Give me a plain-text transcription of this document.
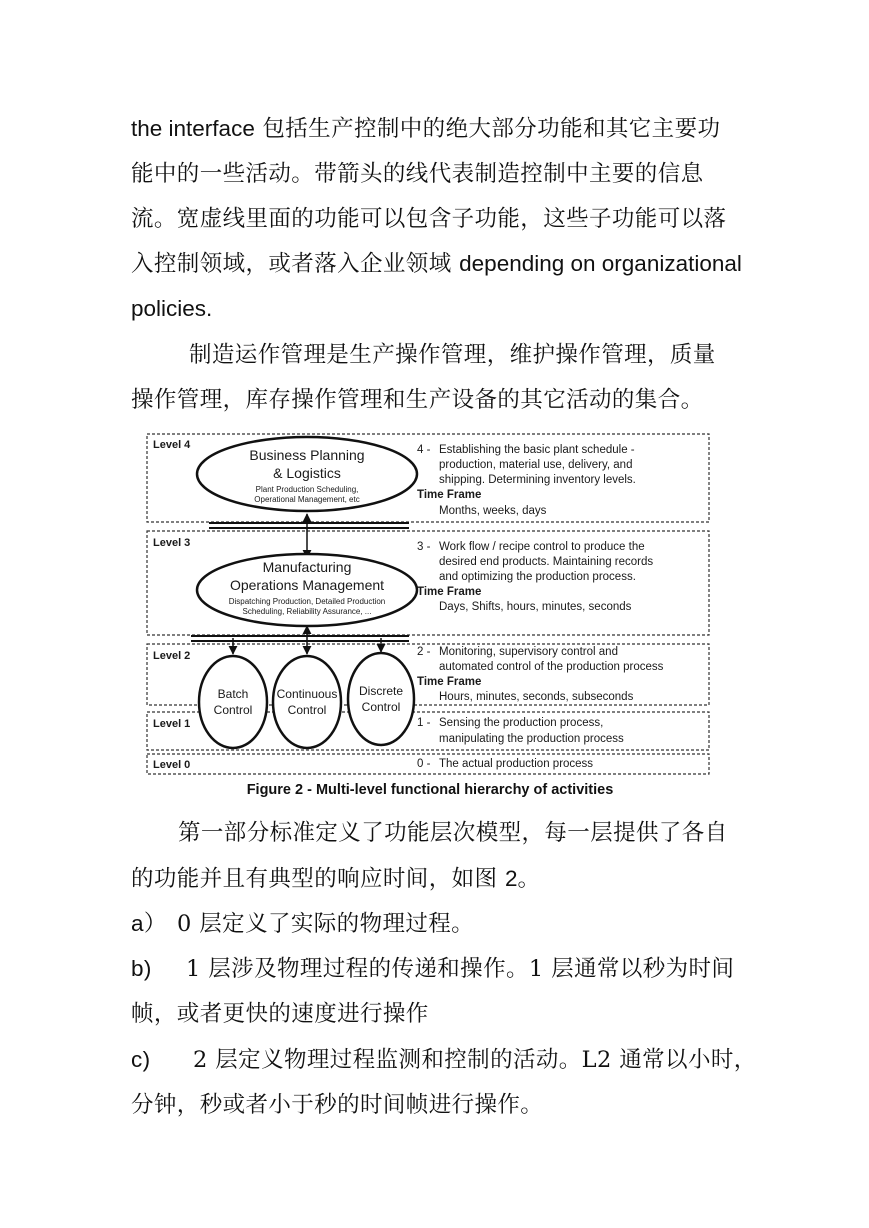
the interface 包括生产控制中的绝大部分功能和其它主要功
能中的一些活动。带箭头的线代表制造控制中主要的信息
流。宽虚线里面的功能可以包含子功能，这些子功能可以落
入控制领域，或者落入企业领域 depending on organizational
policies.
制造运作管理是生产操作管理，维护操作管理，质量
操作管理，库存操作管理和生产设备的其它活动的集合。
Level 4
Level 3
Level 2
Level 1
Level 0
Business Planning
& Logistics
Plant Production Scheduling,
Operational Management, etc
Manufacturing
Operations Management
Dispatching Production, Detailed Production
Scheduling, Reliability Assurance, ...
Batch
Control
Continuous
Control
Discrete
Control
4 - Establishing the basic plant schedule -
production, material use, delivery, and
shipping. Determining inventory levels.
Time Frame
Months, weeks, days
3 - Work flow / recipe control to produce the
desired end products. Maintaining records
and optimizing the production process.
Time Frame
Days, Shifts, hours, minutes, seconds
2 - Monitoring, supervisory control and
automated control of the production process
Time Frame
Hours, minutes, seconds, subseconds
1 - Sensing the production process,
manipulating the production process
0 - The actual production process
Figure 2 - Multi-level functional hierarchy of activities
第一部分标准定义了功能层次模型，每一层提供了各自
的功能并且有典型的响应时间，如图 2。
a） 0 层定义了实际的物理过程。
b) 1 层涉及物理过程的传递和操作。1 层通常以秒为时间
帧，或者更快的速度进行操作
c) 2 层定义物理过程监测和控制的活动。L2 通常以小时，
分钟，秒或者小于秒的时间帧进行操作。
